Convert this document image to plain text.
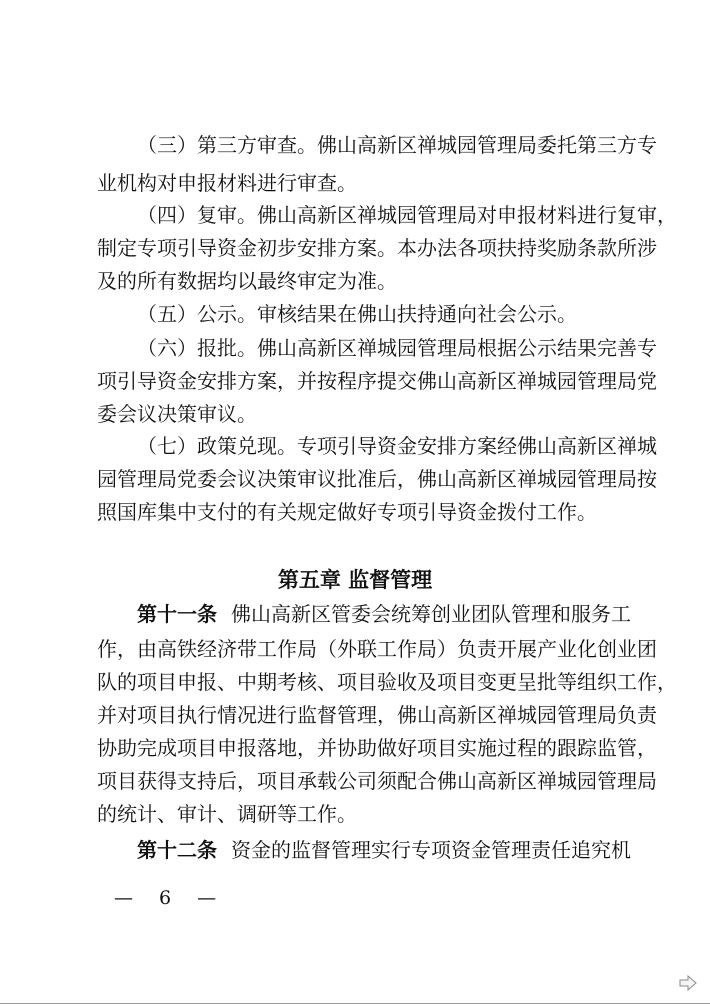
（三）第三方审查。佛山高新区禅城园管理局委托第三方专
业机构对申报材料进行审查。
（四）复审。佛山高新区禅城园管理局对申报材料进行复审，
制定专项引导资金初步安排方案。本办法各项扶持奖励条款所涉
及的所有数据均以最终审定为准。
（五）公示。审核结果在佛山扶持通向社会公示。
（六）报批。佛山高新区禅城园管理局根据公示结果完善专
项引导资金安排方案，并按程序提交佛山高新区禅城园管理局党
委会议决策审议。
（七）政策兑现。专项引导资金安排方案经佛山高新区禅城
园管理局党委会议决策审议批准后，佛山高新区禅城园管理局按
照国库集中支付的有关规定做好专项引导资金拨付工作。
第五章 监督管理
第十一条 佛山高新区管委会统筹创业团队管理和服务工
作，由高铁经济带工作局（外联工作局）负责开展产业化创业团
队的项目申报、中期考核、项目验收及项目变更呈批等组织工作，
并对项目执行情况进行监督管理，佛山高新区禅城园管理局负责
协助完成项目申报落地，并协助做好项目实施过程的跟踪监管，
项目获得支持后，项目承载公司须配合佛山高新区禅城园管理局
的统计、审计、调研等工作。
第十二条 资金的监督管理实行专项资金管理责任追究机
— 6 —
